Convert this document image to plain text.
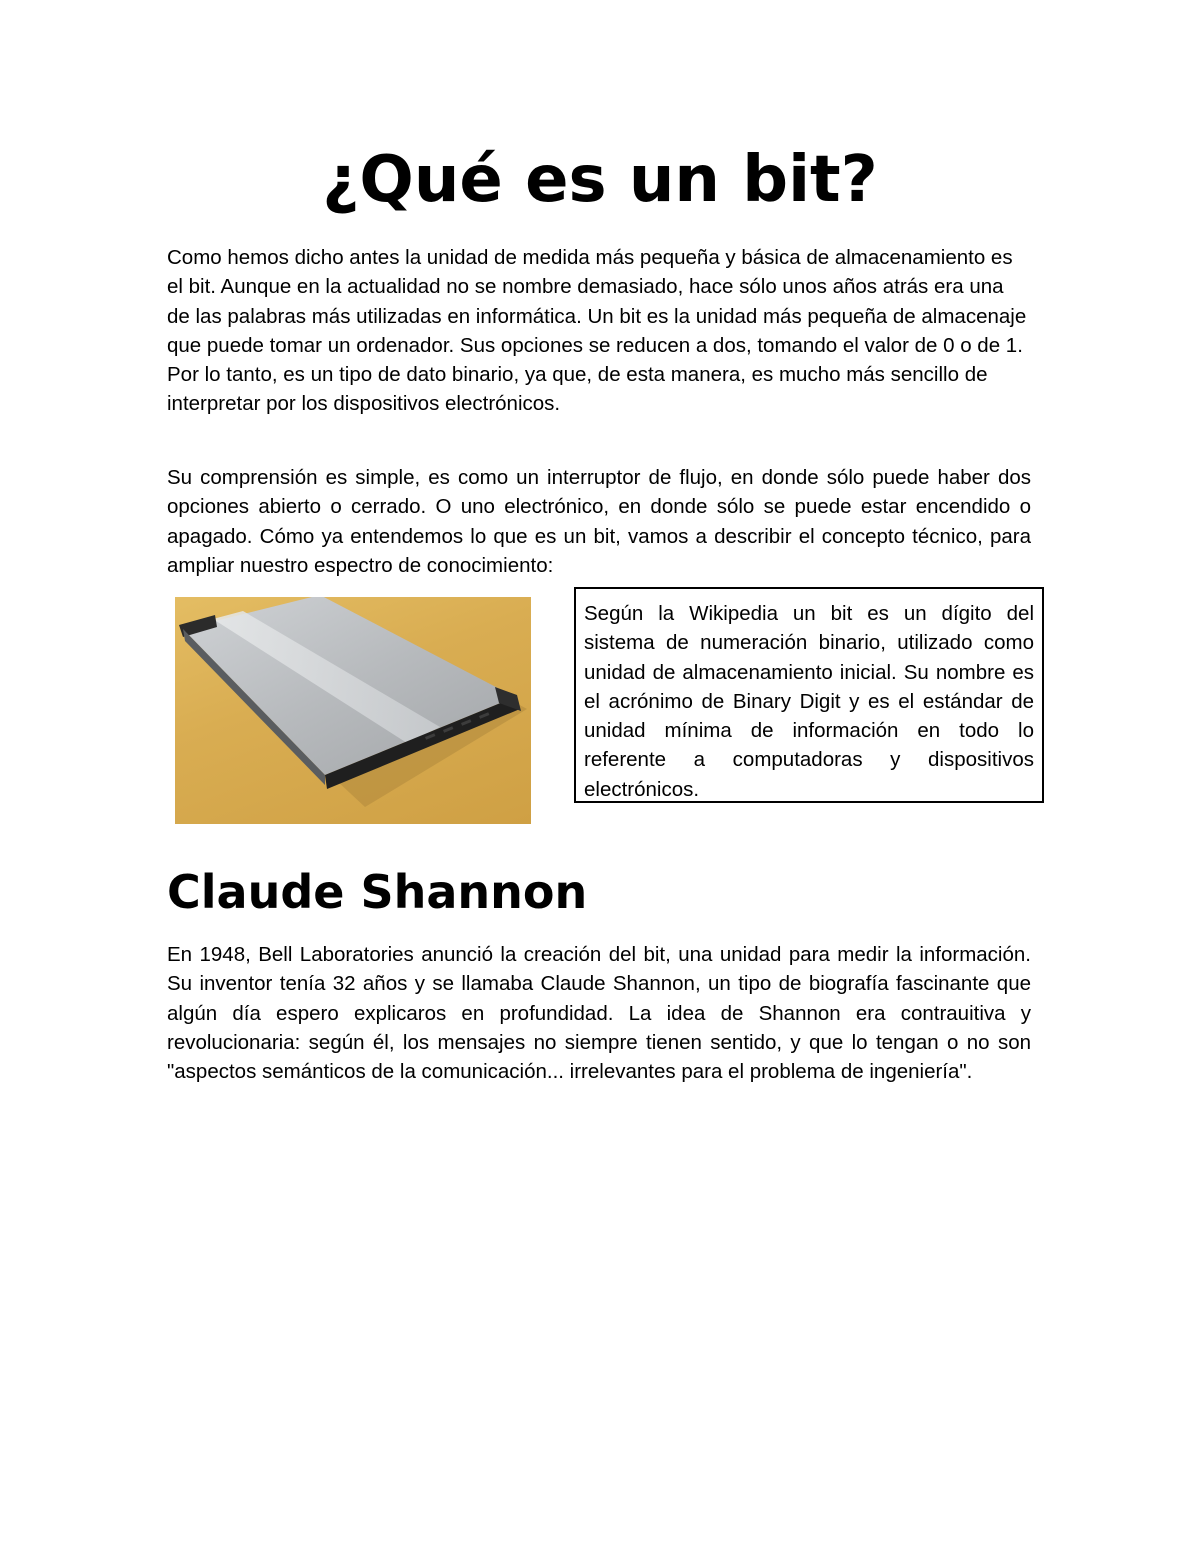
¿Qué es un bit?

Como hemos dicho antes la unidad de medida más pequeña y básica de almacenamiento es el bit. Aunque en la actualidad no se nombre demasiado, hace sólo unos años atrás era una de las palabras más utilizadas en informática. Un bit es la unidad más pequeña de almacenaje que puede tomar un ordenador. Sus opciones se reducen a dos, tomando el valor de 0 o de 1. Por lo tanto, es un tipo de dato binario, ya que, de esta manera, es mucho más sencillo de interpretar por los dispositivos electrónicos.

Su comprensión es simple, es como un interruptor de flujo, en donde sólo puede haber dos opciones abierto o cerrado. O uno electrónico, en donde sólo se puede estar encendido o apagado. Cómo ya entendemos lo que es un bit, vamos a describir el concepto técnico, para ampliar nuestro espectro de conocimiento:

Según la Wikipedia un bit es un dígito del sistema de numeración binario, utilizado como unidad de almacenamiento inicial. Su nombre es el acrónimo de Binary Digit y es el estándar de unidad mínima de información en todo lo referente a computadoras y dispositivos electrónicos.
Claude Shannon

En 1948, Bell Laboratories anunció la creación del bit, una unidad para medir la información. Su inventor tenía 32 años y se llamaba Claude Shannon, un tipo de biografía fascinante que algún día espero explicaros en profundidad. La idea de Shannon era contrauitiva y revolucionaria: según él, los mensajes no siempre tienen sentido, y que lo tengan o no son "aspectos semánticos de la comunicación... irrelevantes para el problema de ingeniería".
